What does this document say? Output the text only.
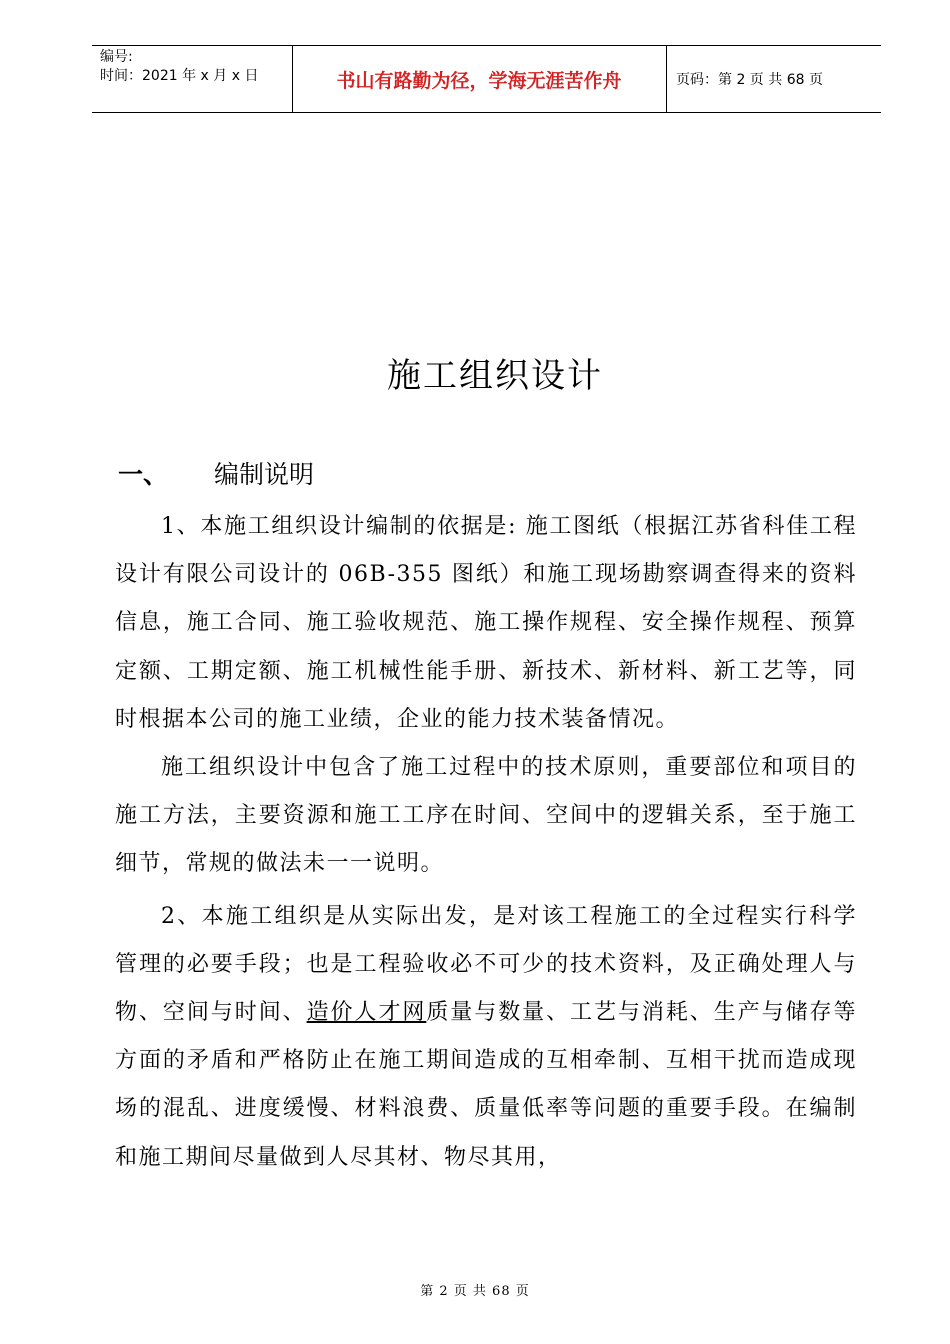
编号:
时间：2021 年 x 月 x 日	书山有路勤为径，学海无涯苦作舟	页码：第 2 页 共 68 页
施工组织设计
一、 编制说明

1、本施工组织设计编制的依据是: 施工图纸（根据江苏省科佳工程设计有限公司设计的 06B-355 图纸）和施工现场勘察调查得来的资料信息，施工合同、施工验收规范、施工操作规程、安全操作规程、预算定额、工期定额、施工机械性能手册、新技术、新材料、新工艺等，同时根据本公司的施工业绩，企业的能力技术装备情况。

施工组织设计中包含了施工过程中的技术原则，重要部位和项目的施工方法，主要资源和施工工序在时间、空间中的逻辑关系，至于施工细节，常规的做法未一一说明。

2、本施工组织是从实际出发，是对该工程施工的全过程实行科学管理的必要手段；也是工程验收必不可少的技术资料，及正确处理人与物、空间与时间、造价人才网质量与数量、工艺与消耗、生产与储存等方面的矛盾和严格防止在施工期间造成的互相牵制、互相干扰而造成现场的混乱、进度缓慢、材料浪费、质量低率等问题的重要手段。在编制和施工期间尽量做到人尽其材、物尽其用，

第 2 页 共 68 页
